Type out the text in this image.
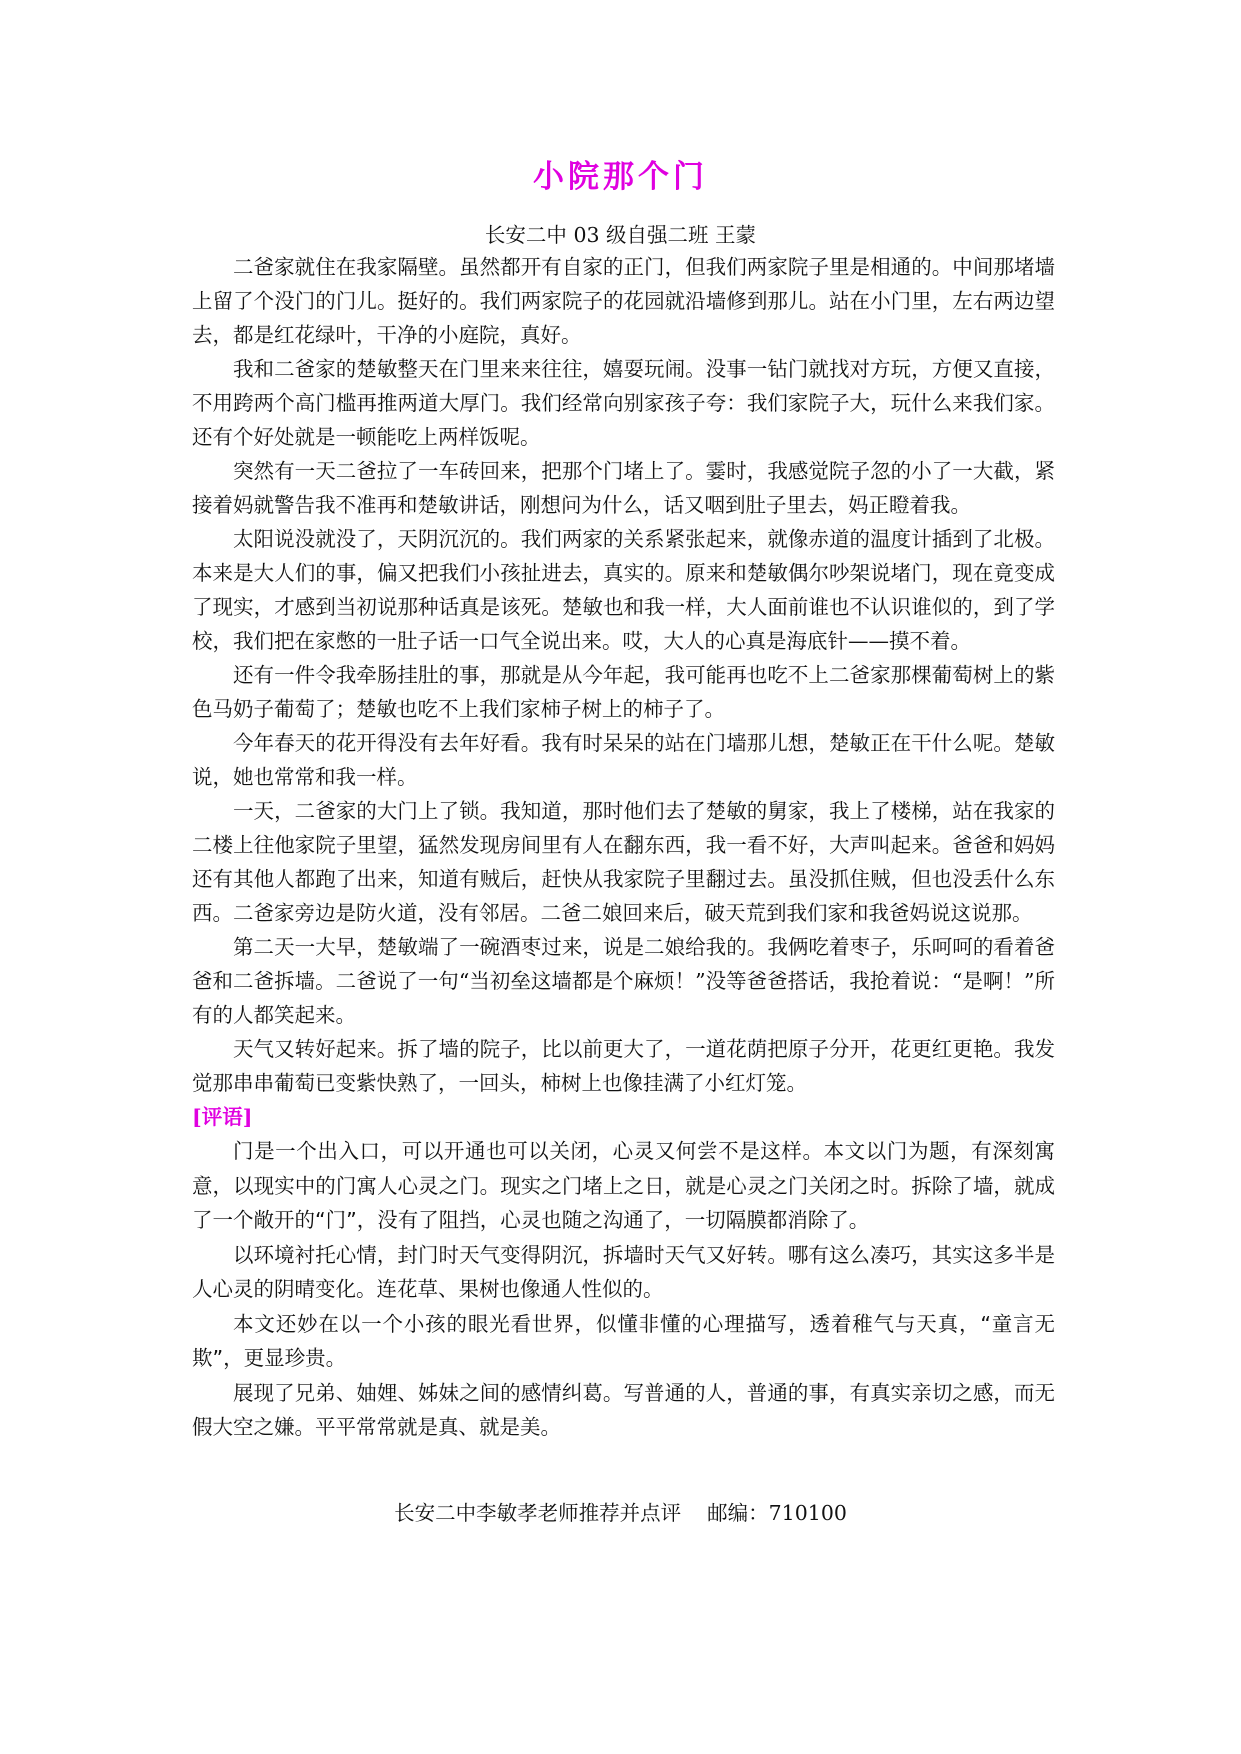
小院那个门
长安二中 03 级自强二班 王蒙

二爸家就住在我家隔壁。虽然都开有自家的正门，但我们两家院子里是相通的。中间那堵墙上留了个没门的门儿。挺好的。我们两家院子的花园就沿墙修到那儿。站在小门里，左右两边望去，都是红花绿叶，干净的小庭院，真好。

我和二爸家的楚敏整天在门里来来往往，嬉耍玩闹。没事一钻门就找对方玩，方便又直接，不用跨两个高门槛再推两道大厚门。我们经常向别家孩子夸：我们家院子大，玩什么来我们家。还有个好处就是一顿能吃上两样饭呢。

突然有一天二爸拉了一车砖回来，把那个门堵上了。霎时，我感觉院子忽的小了一大截，紧接着妈就警告我不准再和楚敏讲话，刚想问为什么，话又咽到肚子里去，妈正瞪着我。

太阳说没就没了，天阴沉沉的。我们两家的关系紧张起来，就像赤道的温度计插到了北极。本来是大人们的事，偏又把我们小孩扯进去，真实的。原来和楚敏偶尔吵架说堵门，现在竟变成了现实，才感到当初说那种话真是该死。楚敏也和我一样，大人面前谁也不认识谁似的，到了学校，我们把在家憋的一肚子话一口气全说出来。哎，大人的心真是海底针——摸不着。

还有一件令我牵肠挂肚的事，那就是从今年起，我可能再也吃不上二爸家那棵葡萄树上的紫色马奶子葡萄了；楚敏也吃不上我们家柿子树上的柿子了。

今年春天的花开得没有去年好看。我有时呆呆的站在门墙那儿想，楚敏正在干什么呢。楚敏说，她也常常和我一样。

一天，二爸家的大门上了锁。我知道，那时他们去了楚敏的舅家，我上了楼梯，站在我家的二楼上往他家院子里望，猛然发现房间里有人在翻东西，我一看不好，大声叫起来。爸爸和妈妈还有其他人都跑了出来，知道有贼后，赶快从我家院子里翻过去。虽没抓住贼，但也没丢什么东西。二爸家旁边是防火道，没有邻居。二爸二娘回来后，破天荒到我们家和我爸妈说这说那。

第二天一大早，楚敏端了一碗酒枣过来，说是二娘给我的。我俩吃着枣子，乐呵呵的看着爸爸和二爸拆墙。二爸说了一句“当初垒这墙都是个麻烦！”没等爸爸搭话，我抢着说：“是啊！”所有的人都笑起来。

天气又转好起来。拆了墙的院子，比以前更大了，一道花荫把原子分开，花更红更艳。我发觉那串串葡萄已变紫快熟了，一回头，柿树上也像挂满了小红灯笼。

[评语]

门是一个出入口，可以开通也可以关闭，心灵又何尝不是这样。本文以门为题，有深刻寓意，以现实中的门寓人心灵之门。现实之门堵上之日，就是心灵之门关闭之时。拆除了墙，就成了一个敞开的“门”，没有了阻挡，心灵也随之沟通了，一切隔膜都消除了。

以环境衬托心情，封门时天气变得阴沉，拆墙时天气又好转。哪有这么凑巧，其实这多半是人心灵的阴晴变化。连花草、果树也像通人性似的。

本文还妙在以一个小孩的眼光看世界，似懂非懂的心理描写，透着稚气与天真，“童言无欺”，更显珍贵。

展现了兄弟、妯娌、姊妹之间的感情纠葛。写普通的人，普通的事，有真实亲切之感，而无假大空之嫌。平平常常就是真、就是美。

长安二中李敏孝老师推荐并点评    邮编：710100
